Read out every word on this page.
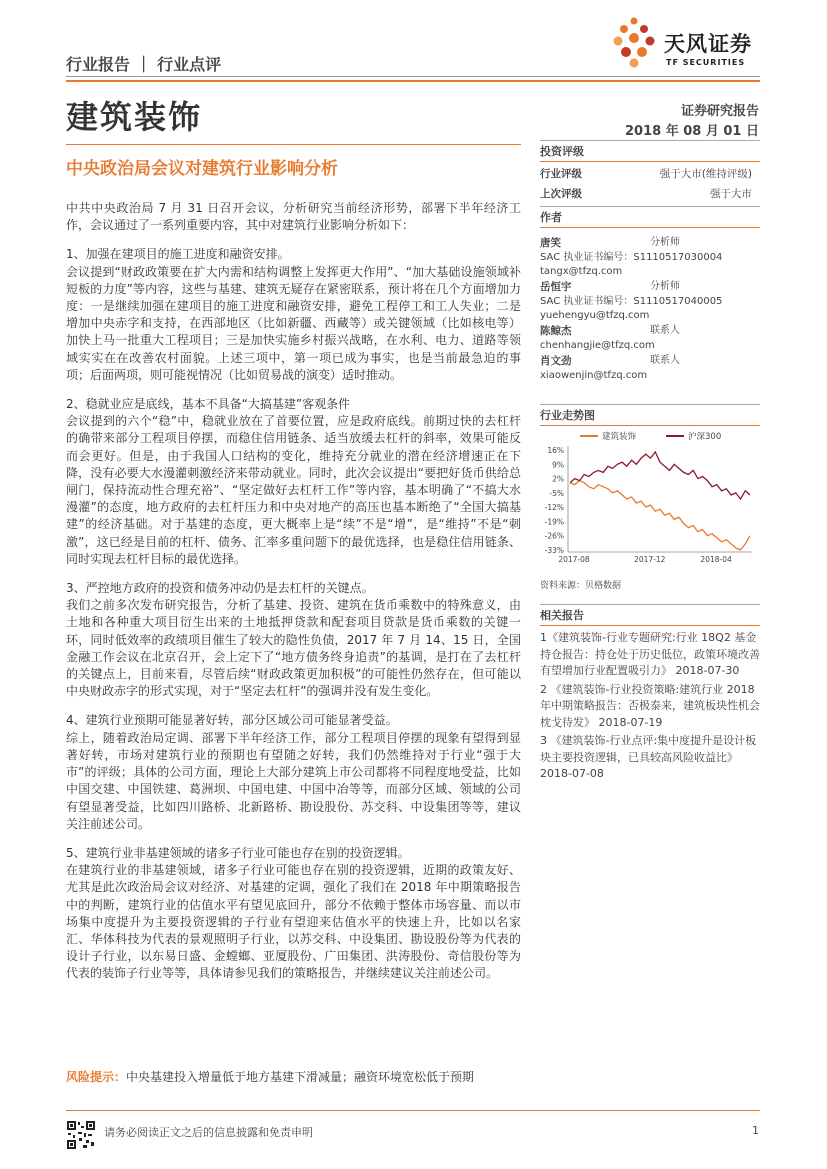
天风证券
TF SECURITIES
行业报告 ｜ 行业点评
建筑装饰	证券研究报告
2018 年 08 月 01 日
中央政治局会议对建筑行业影响分析
投资评级
行业评级	强于大市(维持评级)
上次评级	强于大市
作者
唐笑	分析师
SAC 执业证书编号：S1110517030004
tangx@tfzq.com
岳恒宇	分析师
SAC 执业证书编号：S1110517040005
yuehengyu@tfzq.com
陈鲸杰	联系人
chenhangjie@tfzq.com
肖文劲	联系人
xiaowenjin@tfzq.com
行业走势图
建筑装饰	沪深300
16%
9%
2%
-5%
-12%
-19%
-26%
-33%
2017-08	2017-12	2018-04
资料来源：贝格数据
相关报告
1《建筑装饰-行业专题研究:行业 18Q2 基金持仓报告：持仓处于历史低位，政策环境改善有望增加行业配置吸引力》 2018-07-30
2 《建筑装饰-行业投资策略:建筑行业 2018 年中期策略报告：否极泰来，建筑板块性机会枕戈待发》 2018-07-19
3 《建筑装饰-行业点评:集中度提升是设计板块主要投资逻辑，已具较高风险收益比》 2018-07-08

中共中央政治局 7 月 31 日召开会议，分析研究当前经济形势，部署下半年经济工作，会议通过了一系列重要内容，其中对建筑行业影响分析如下：

1、加强在建项目的施工进度和融资安排。
会议提到“财政政策要在扩大内需和结构调整上发挥更大作用”、“加大基础设施领域补短板的力度”等内容，这些与基建、建筑无疑存在紧密联系，预计将在几个方面增加力度：一是继续加强在建项目的施工进度和融资安排，避免工程停工和工人失业；二是增加中央赤字和支持，在西部地区（比如新疆、西藏等）或关键领域（比如核电等）加快上马一批重大工程项目；三是加快实施乡村振兴战略，在水利、电力、道路等领域实实在在改善农村面貌。上述三项中，第一项已成为事实，也是当前最急迫的事项；后面两项，则可能视情况（比如贸易战的演变）适时推动。

2、稳就业应是底线，基本不具备“大搞基建”客观条件
会议提到的六个“稳”中，稳就业放在了首要位置，应是政府底线。前期过快的去杠杆的确带来部分工程项目停摆，而稳住信用链条、适当放缓去杠杆的斜率，效果可能反而会更好。但是，由于我国人口结构的变化，维持充分就业的潜在经济增速正在下降，没有必要大水漫灌刺激经济来带动就业。同时，此次会议提出“要把好货币供给总闸门，保持流动性合理充裕”、“坚定做好去杠杆工作”等内容，基本明确了“不搞大水漫灌”的态度，地方政府的去杠杆压力和中央对地产的高压也基本断绝了“全国大搞基建”的经济基础。对于基建的态度，更大概率上是“续”不是“增”，是“维持”不是“刺激”，这已经是目前的杠杆、债务、汇率多重问题下的最优选择，也是稳住信用链条、同时实现去杠杆目标的最优选择。

3、严控地方政府的投资和债务冲动仍是去杠杆的关键点。
我们之前多次发布研究报告，分析了基建、投资、建筑在货币乘数中的特殊意义，由土地和各种重大项目衍生出来的土地抵押贷款和配套项目贷款是货币乘数的关键一环，同时低效率的政绩项目催生了较大的隐性负债，2017 年 7 月 14、15 日，全国金融工作会议在北京召开，会上定下了“地方债务终身追责”的基调，是打在了去杠杆的关键点上，目前来看，尽管后续“财政政策更加积极”的可能性仍然存在，但可能以中央财政赤字的形式实现，对于“坚定去杠杆”的强调并没有发生变化。

4、建筑行业预期可能显著好转，部分区域公司可能显著受益。
综上，随着政治局定调、部署下半年经济工作，部分工程项目停摆的现象有望得到显著好转，市场对建筑行业的预期也有望随之好转，我们仍然维持对于行业“强于大市”的评级；具体的公司方面，理论上大部分建筑上市公司都将不同程度地受益，比如中国交建、中国铁建、葛洲坝、中国电建、中国中冶等等，而部分区域、领域的公司有望显著受益，比如四川路桥、北新路桥、勘设股份、苏交科、中设集团等等，建议关注前述公司。

5、建筑行业非基建领域的诸多子行业可能也存在别的投资逻辑。
在建筑行业的非基建领域，诸多子行业可能也存在别的投资逻辑，近期的政策友好、尤其是此次政治局会议对经济、对基建的定调，强化了我们在 2018 年中期策略报告中的判断，建筑行业的估值水平有望见底回升，部分不依赖于整体市场容量、而以市场集中度提升为主要投资逻辑的子行业有望迎来估值水平的快速上升，比如以名家汇、华体科技为代表的景观照明子行业，以苏交科、中设集团、勘设股份等为代表的设计子行业，以东易日盛、金螳螂、亚厦股份、广田集团、洪涛股份、奇信股份等为代表的装饰子行业等等，具体请参见我们的策略报告，并继续建议关注前述公司。

风险提示：中央基建投入增量低于地方基建下滑减量；融资环境宽松低于预期
请务必阅读正文之后的信息披露和免责申明	1
